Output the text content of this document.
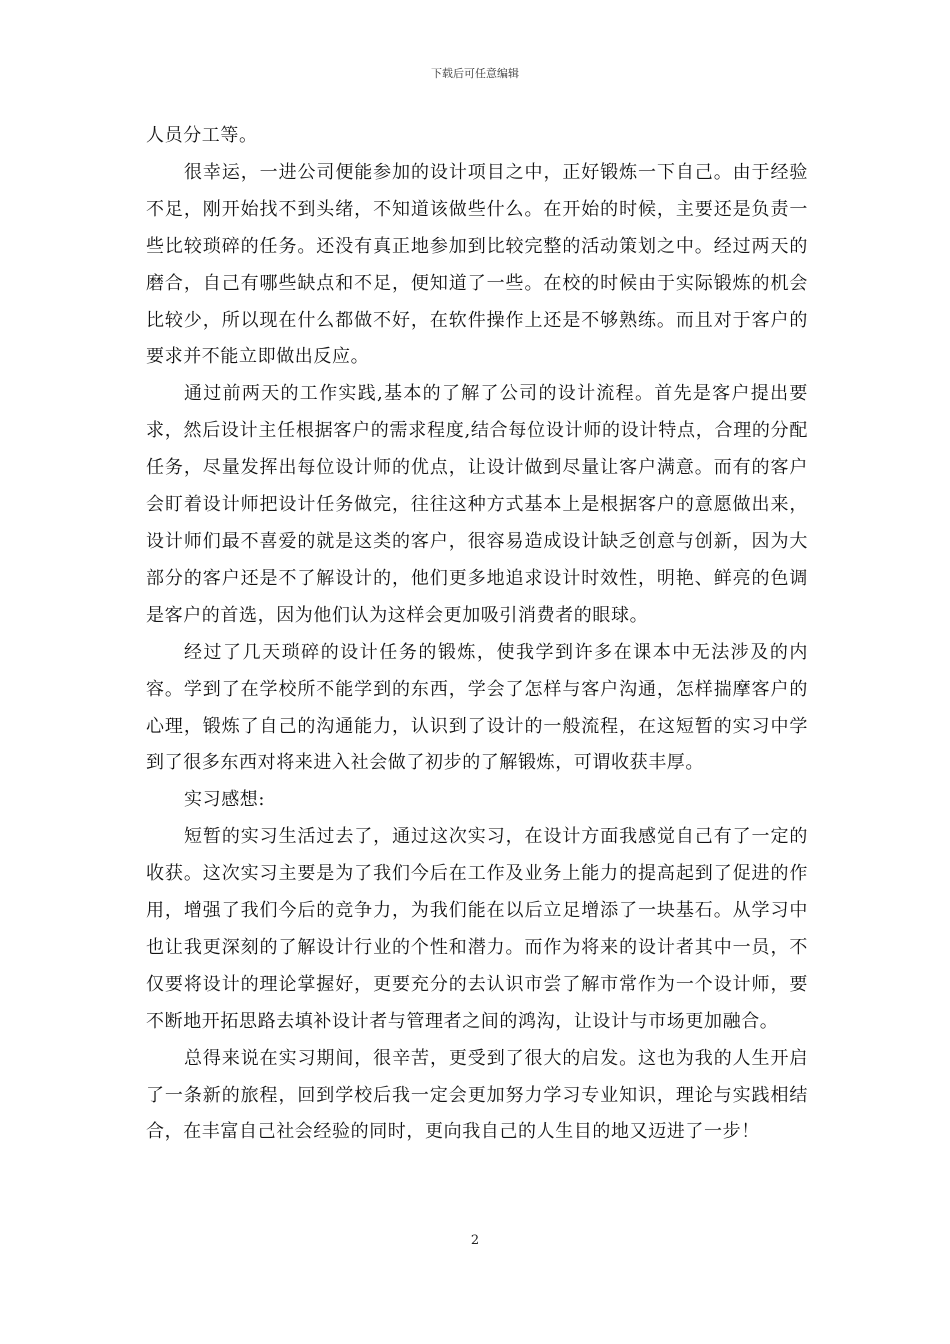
下载后可任意编辑

人员分工等。

很幸运，一进公司便能参加的设计项目之中，正好锻炼一下自己。由于经验不足，刚开始找不到头绪，不知道该做些什么。在开始的时候，主要还是负责一些比较琐碎的任务。还没有真正地参加到比较完整的活动策划之中。经过两天的磨合，自己有哪些缺点和不足，便知道了一些。在校的时候由于实际锻炼的机会比较少，所以现在什么都做不好，在软件操作上还是不够熟练。而且对于客户的要求并不能立即做出反应。

通过前两天的工作实践,基本的了解了公司的设计流程。首先是客户提出要求，然后设计主任根据客户的需求程度,结合每位设计师的设计特点，合理的分配任务，尽量发挥出每位设计师的优点，让设计做到尽量让客户满意。而有的客户会盯着设计师把设计任务做完，往往这种方式基本上是根据客户的意愿做出来，设计师们最不喜爱的就是这类的客户，很容易造成设计缺乏创意与创新，因为大部分的客户还是不了解设计的，他们更多地追求设计时效性，明艳、鲜亮的色调是客户的首选，因为他们认为这样会更加吸引消费者的眼球。

经过了几天琐碎的设计任务的锻炼，使我学到许多在课本中无法涉及的内容。学到了在学校所不能学到的东西，学会了怎样与客户沟通，怎样揣摩客户的心理，锻炼了自己的沟通能力，认识到了设计的一般流程，在这短暂的实习中学到了很多东西对将来进入社会做了初步的了解锻炼，可谓收获丰厚。

实习感想:

短暂的实习生活过去了，通过这次实习，在设计方面我感觉自己有了一定的收获。这次实习主要是为了我们今后在工作及业务上能力的提高起到了促进的作用，增强了我们今后的竞争力，为我们能在以后立足增添了一块基石。从学习中也让我更深刻的了解设计行业的个性和潜力。而作为将来的设计者其中一员，不仅要将设计的理论掌握好，更要充分的去认识市尝了解市常作为一个设计师，要不断地开拓思路去填补设计者与管理者之间的鸿沟，让设计与市场更加融合。

总得来说在实习期间，很辛苦，更受到了很大的启发。这也为我的人生开启了一条新的旅程，回到学校后我一定会更加努力学习专业知识，理论与实践相结合，在丰富自己社会经验的同时，更向我自己的人生目的地又迈进了一步！

2
